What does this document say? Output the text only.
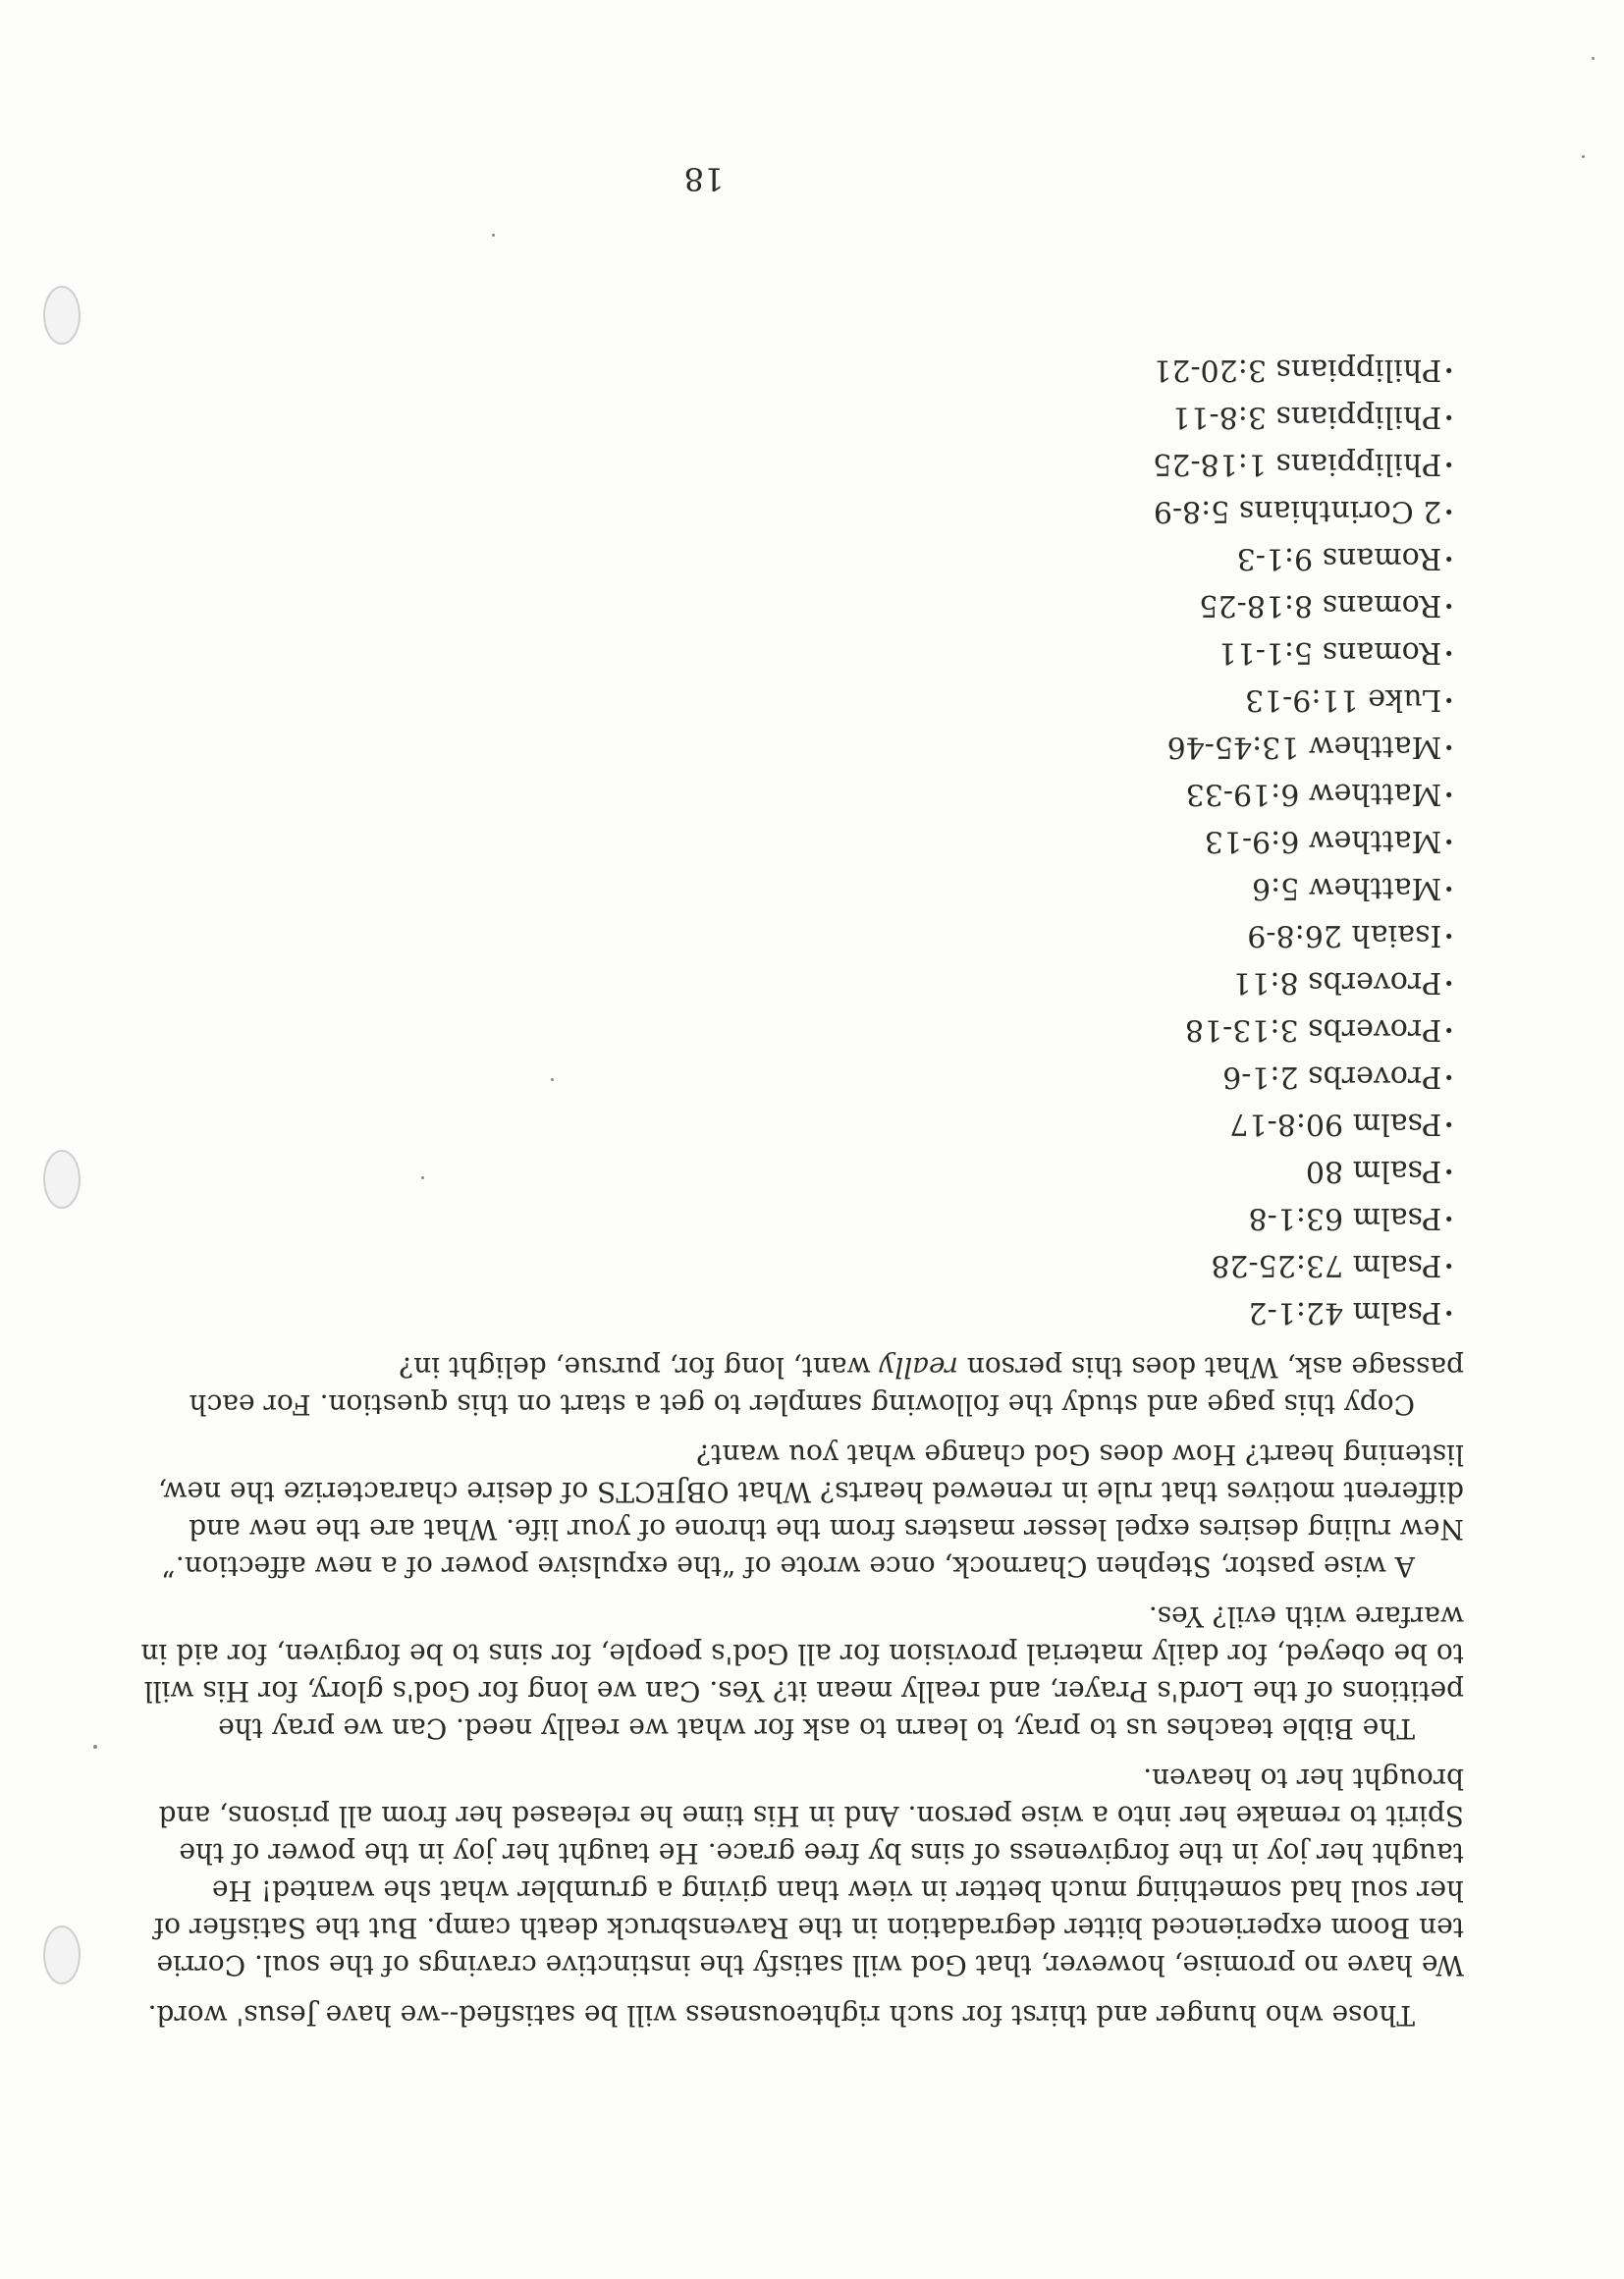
Those who hunger and thirst for such righteousness will be satisfied--we have Jesus' word.

We have no promise, however, that God will satisfy the instinctive cravings of the soul. Corrie ten Boom experienced bitter degradation in the Ravensbruck death camp. But the Satisfier of her soul had something much better in view than giving a grumbler what she wanted! He taught her joy in the forgiveness of sins by free grace. He taught her joy in the power of the Spirit to remake her into a wise person. And in His time he released her from all prisons, and brought her to heaven.

The Bible teaches us to pray, to learn to ask for what we really need. Can we pray the petitions of the Lord's Prayer, and really mean it? Yes. Can we long for God's glory, for His will to be obeyed, for daily material provision for all God's people, for sins to be forgiven, for aid in warfare with evil? Yes.

A wise pastor, Stephen Charnock, once wrote of “the expulsive power of a new affection.” New ruling desires expel lesser masters from the throne of your life. What are the new and different motives that rule in renewed hearts? What OBJECTS of desire characterize the new, listening heart? How does God change what you want?

Copy this page and study the following sampler to get a start on this question. For each passage ask, What does this person really want, long for, pursue, delight in?

• Psalm 42:1-2
• Psalm 73:25-28
• Psalm 63:1-8
• Psalm 80
• Psalm 90:8-17
• Proverbs 2:1-6
• Proverbs 3:13-18
• Proverbs 8:11
• Isaiah 26:8-9
• Matthew 5:6
• Matthew 6:9-13
• Matthew 6:19-33
• Matthew 13:45-46
• Luke 11:9-13
• Romans 5:1-11
• Romans 8:18-25
• Romans 9:1-3
• 2 Corinthians 5:8-9
• Philippians 1:18-25
• Philippians 3:8-11
• Philippians 3:20-21
18
